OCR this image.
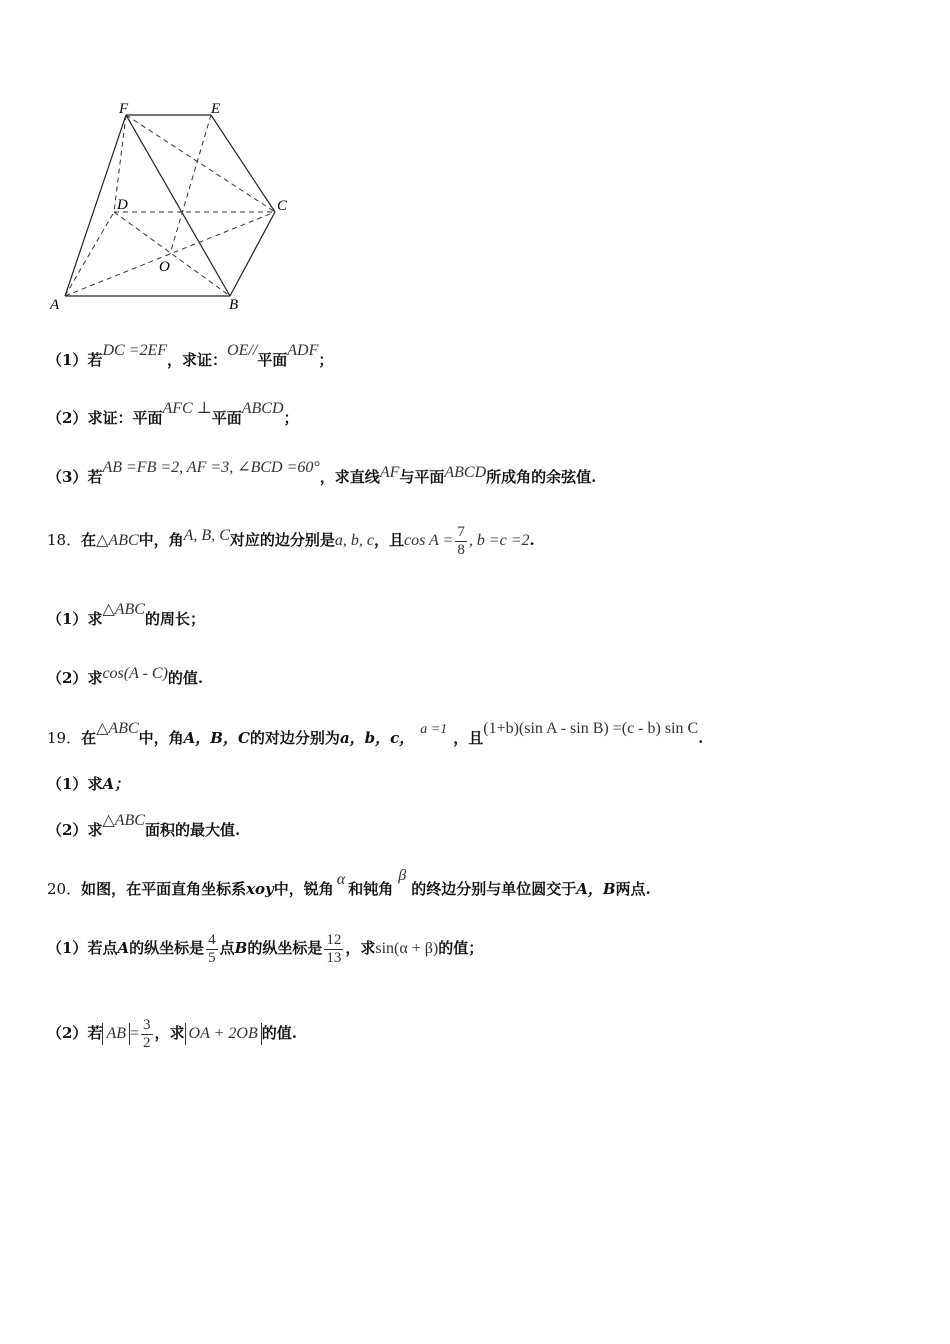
F	E
D	C
O
A	B
（1）若DC =2EF，求证：OE//平面ADF；
（2）求证：平面AFC ⊥平面ABCD；
（3）若AB =FB =2, AF =3, ∠BCD =60°，求直线AF与平面ABCD所成角的余弦值.
18．在△ABC中，角A, B, C对应的边分别是a, b, c，且$\cos A = \frac{7}{8}$ , b =c =2.
（1）求△ABC的周长；
（2）求cos(A - C)的值.
19．在△ABC中，角A，B，C的对边分别为a，b，c， a =1 ，且(1+b)(sin A - sin B) =(c - b) sin C.
（1）求A；
（2）求△ABC面积的最大值.
20．如图，在平面直角坐标系xoy中，锐角α和钝角β的终边分别与单位圆交于A，B两点.
（1）若点A的纵坐标是 $\frac{4}{5}$ 点B的纵坐标是 $\frac{12}{13}$ ，求sin(α + β)的值；
（2）若 AB = $\frac{3}{2}$ ，求 OA + 2OB 的值.
